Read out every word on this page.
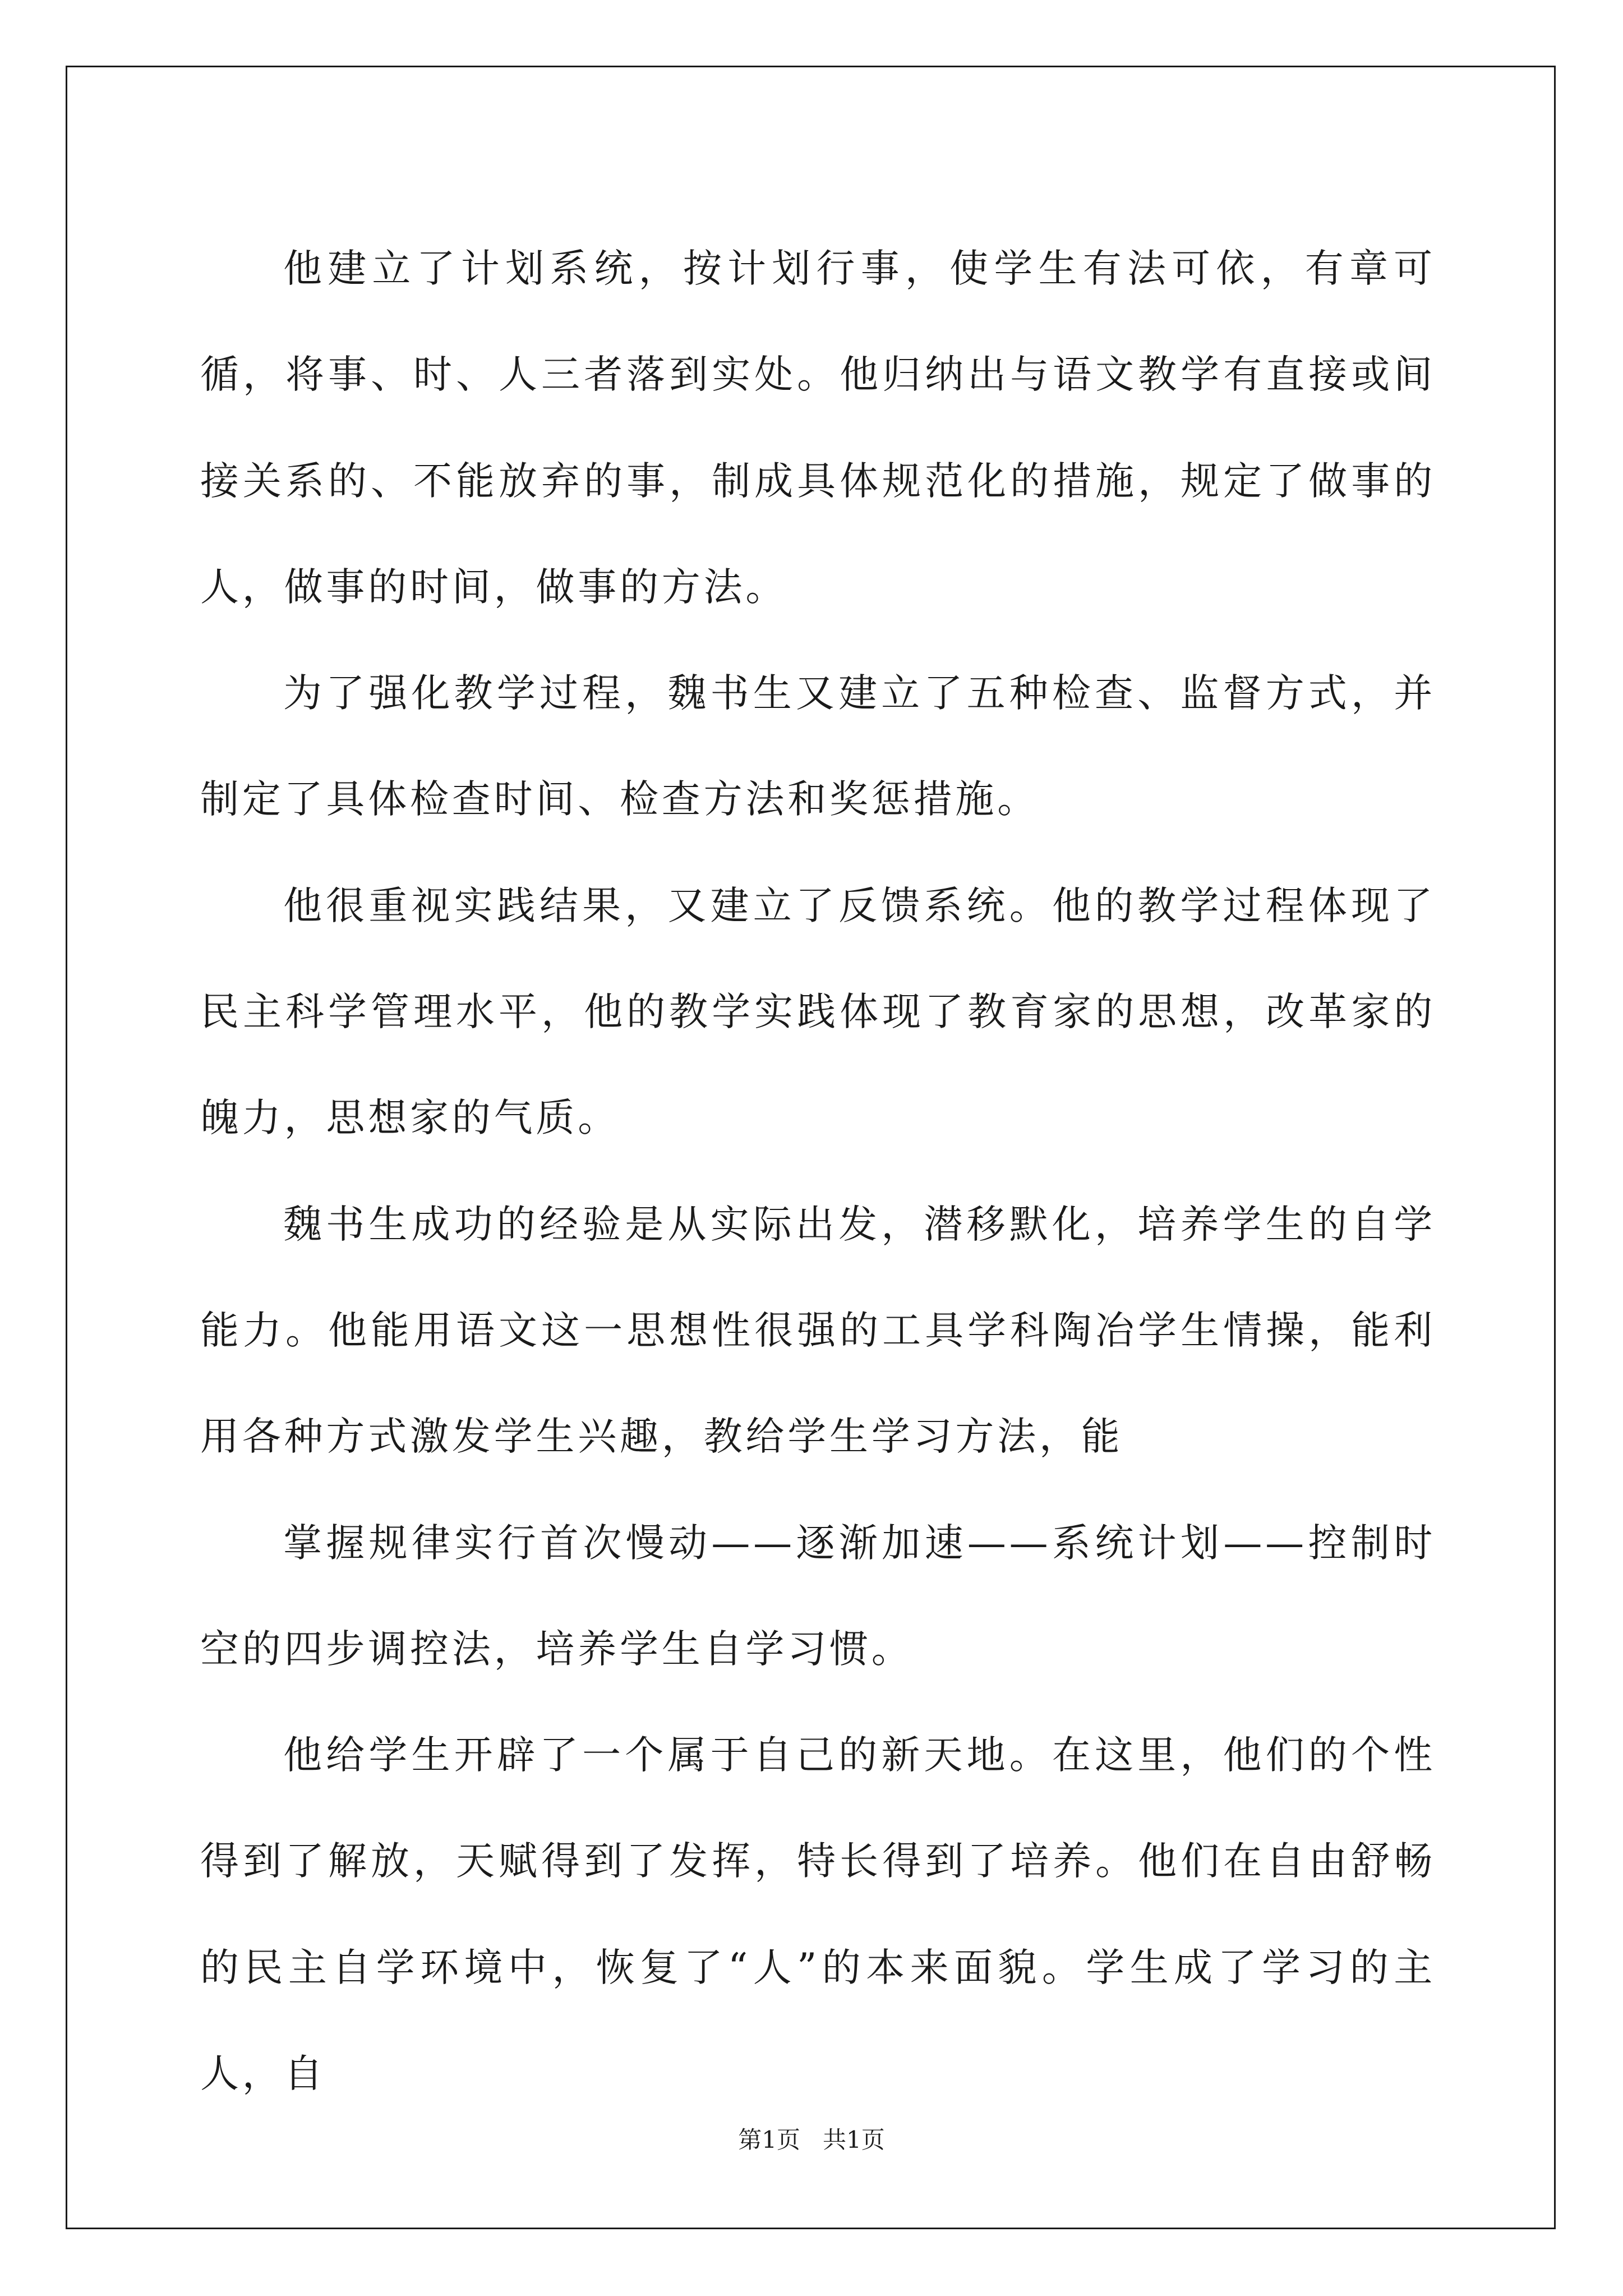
他建立了计划系统，按计划行事，使学生有法可依，有章可循，将事、时、人三者落到实处。他归纳出与语文教学有直接或间接关系的、不能放弃的事，制成具体规范化的措施，规定了做事的人，做事的时间，做事的方法。

为了强化教学过程，魏书生又建立了五种检查、监督方式，并制定了具体检查时间、检查方法和奖惩措施。

他很重视实践结果，又建立了反馈系统。他的教学过程体现了民主科学管理水平，他的教学实践体现了教育家的思想，改革家的魄力，思想家的气质。

魏书生成功的经验是从实际出发，潜移默化，培养学生的自学能力。他能用语文这一思想性很强的工具学科陶冶学生情操，能利用各种方式激发学生兴趣，教给学生学习方法，能

掌握规律实行首次慢动——逐渐加速——系统计划——控制时空的四步调控法，培养学生自学习惯。

他给学生开辟了一个属于自己的新天地。在这里，他们的个性得到了解放，天赋得到了发挥，特长得到了培养。他们在自由舒畅的民主自学环境中，恢复了“人”的本来面貌。学生成了学习的主人，自

第1页   共1页
